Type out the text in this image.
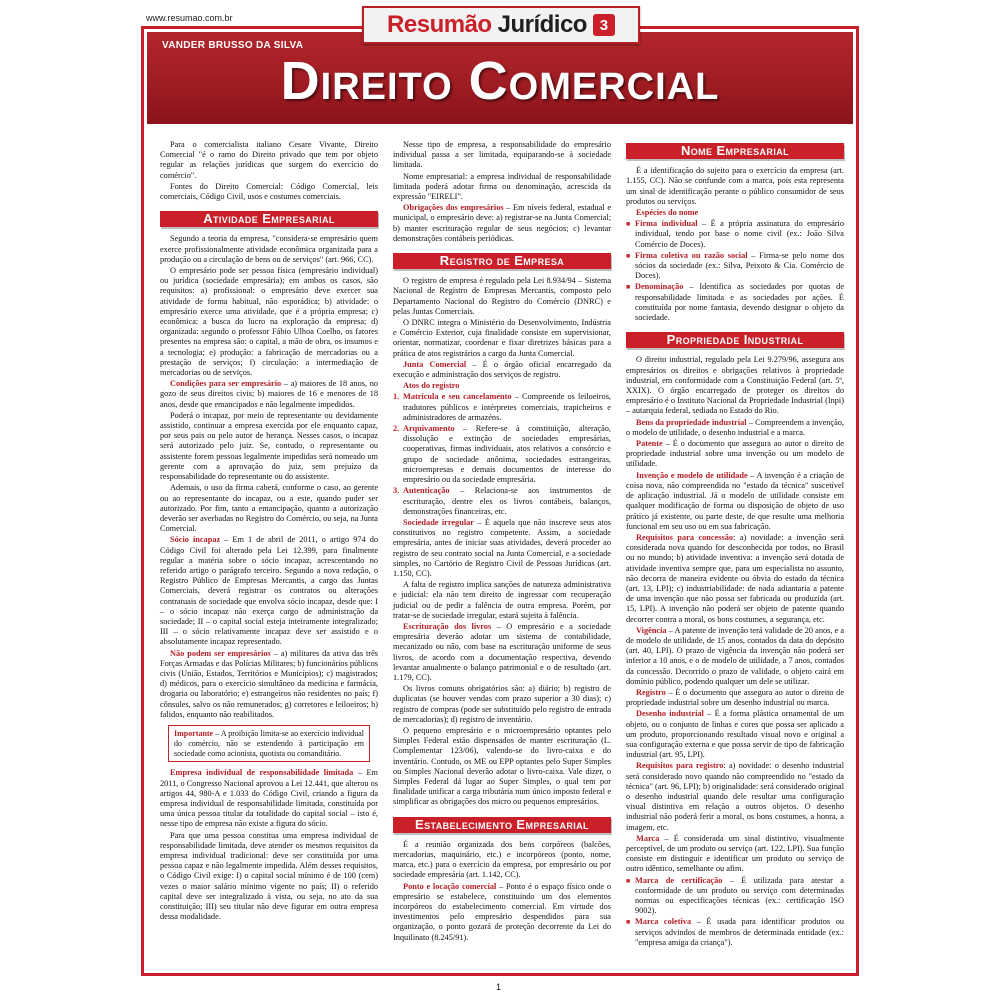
www.resumao.com.br	Resumão Jurídico 3
VANDER BRUSSO DA SILVA
Direito Comercial

Para o comercialista italiano Cesare Vivante, Direito Comercial "é o ramo do Direito privado que tem por objeto regular as relações jurídicas que surgem do exercício do comércio".

Fontes do Direito Comercial: Código Comercial, leis comerciais, Código Civil, usos e costumes comerciais.

Atividade Empresarial

Segundo a teoria da empresa, "considera-se empresário quem exerce profissionalmente atividade econômica organizada para a produção ou a circulação de bens ou de serviços" (art. 966, CC).

O empresário pode ser pessoa física (empresário individual) ou jurídica (sociedade empresária); em ambos os casos, são requisitos: a) profissional: o empresário deve exercer sua atividade de forma habitual, não esporádica; b) atividade: o empresário exerce uma atividade, que é a própria empresa; c) econômica: a busca do lucro na exploração da empresa; d) organizada: segundo o professor Fábio Ulhoa Coelho, os fatores presentes na empresa são: o capital, a mão de obra, os insumos e a tecnologia; e) produção: a fabricação de mercadorias ou a prestação de serviços; f) circulação: a intermediação de mercadorias ou de serviços.

Condições para ser empresário – a) maiores de 18 anos, no gozo de seus direitos civis; b) maiores de 16 e menores de 18 anos, desde que emancipados e não legalmente impedidos.

Poderá o incapaz, por meio de representante ou devidamente assistido, continuar a empresa exercida por ele enquanto capaz, por seus pais ou pelo autor de herança. Nesses casos, o incapaz será autorizado pelo juiz. Se, contudo, o representante ou assistente forem pessoas legalmente impedidas será nomeado um gerente com a aprovação do juiz, sem prejuízo da responsabilidade do representante ou do assistente.

Ademais, o uso da firma caberá, conforme o caso, ao gerente ou ao representante do incapaz, ou a este, quando puder ser autorizado. Por fim, tanto a emancipação, quanto a autorização deverão ser averbadas no Registro do Comércio, ou seja, na Junta Comercial.

Sócio incapaz – Em 1 de abril de 2011, o artigo 974 do Código Civil foi alterado pela Lei 12.399, para finalmente regular a matéria sobre o sócio incapaz, acrescentando no referido artigo o parágrafo terceiro. Segundo a nova redação, o Registro Público de Empresas Mercantis, a cargo das Juntas Comerciais, deverá registrar os contratos ou alterações contratuais de sociedade que envolva sócio incapaz, desde que: I – o sócio incapaz não exerça cargo de administração da sociedade; II – o capital social esteja inteiramente integralizado; III – o sócio relativamente incapaz deve ser assistido e o absolutamente incapaz representado.

Não podem ser empresários – a) militares da ativa das três Forças Armadas e das Polícias Militares; b) funcionários públicos civis (União, Estados, Territórios e Municípios); c) magistrados; d) médicos, para o exercício simultâneo da medicina e farmácia, drogaria ou laboratório; e) estrangeiros não residentes no país; f) cônsules, salvo os não remunerados; g) corretores e leiloeiros; h) falidos, enquanto não reabilitados.

Importante – A proibição limita-se ao exercício individual do comércio, não se estendendo à participação em sociedade como acionista, quotista ou comanditário.

Empresa individual de responsabilidade limitada – Em 2011, o Congresso Nacional aprovou a Lei 12.441, que alterou os artigos 44, 980-A e 1.033 do Código Civil, criando a figura da empresa individual de responsabilidade limitada, constituída por uma única pessoa titular da totalidade do capital social – isto é, nesse tipo de empresa não existe a figura do sócio.

Para que uma pessoa constitua uma empresa individual de responsabilidade limitada, deve atender os mesmos requisitos da empresa individual tradicional: deve ser constituída por uma pessoa capaz e não legalmente impedida. Além desses requisitos, o Código Civil exige: I) o capital social mínimo é de 100 (cem) vezes o maior salário mínimo vigente no país; II) o referido capital deve ser integralizado à vista, ou seja, no ato da sua constituição; III) seu titular não deve figurar em outra empresa dessa modalidade.

Nesse tipo de empresa, a responsabilidade do empresário individual passa a ser limitada, equiparando-se à sociedade limitada.

Nome empresarial: a empresa individual de responsabilidade limitada poderá adotar firma ou denominação, acrescida da expressão "EIRELI".

Obrigações dos empresários – Em níveis federal, estadual e municipal, o empresário deve: a) registrar-se na Junta Comercial; b) manter escrituração regular de seus negócios; c) levantar demonstrações contábeis periódicas.

Registro de Empresa

O registro de empresa é regulado pela Lei 8.934/94 – Sistema Nacional de Registro de Empresas Mercantis, composto pelo Departamento Nacional do Registro do Comércio (DNRC) e pelas Juntas Comerciais.

O DNRC integra o Ministério do Desenvolvimento, Indústria e Comércio Exterior, cuja finalidade consiste em supervisionar, orientar, normatizar, coordenar e fixar diretrizes básicas para a prática de atos registrários a cargo da Junta Comercial.

Junta Comercial – É o órgão oficial encarregado da execução e administração dos serviços de registro.

Atos do registro

1. Matrícula e seu cancelamento – Compreende os leiloeiros, tradutores públicos e intérpretes comerciais, trapicheiros e administradores de armazéns.
2. Arquivamento – Refere-se à constituição, alteração, dissolução e extinção de sociedades empresárias, cooperativas, firmas individuais, atos relativos a consórcio e grupo de sociedade anônima, sociedades estrangeiras, microempresas e demais documentos de interesse do empresário ou da sociedade empresária.
3. Autenticação – Relaciona-se aos instrumentos de escrituração, dentre eles os livros contábeis, balanços, demonstrações financeiras, etc.

Sociedade irregular – É aquela que não inscreve seus atos constitutivos no registro competente. Assim, a sociedade empresária, antes de iniciar suas atividades, deverá proceder ao registro de seu contrato social na Junta Comercial, e a sociedade simples, no Cartório de Registro Civil de Pessoas Jurídicas (art. 1.150, CC).

A falta de registro implica sanções de natureza administrativa e judicial: ela não tem direito de ingressar com recuperação judicial ou de pedir a falência de outra empresa. Porém, por tratar-se de sociedade irregular, estará sujeita à falência.

Escrituração dos livros – O empresário e a sociedade empresária deverão adotar um sistema de contabilidade, mecanizado ou não, com base na escrituração uniforme de seus livros, de acordo com a documentação respectiva, devendo levantar anualmente o balanço patrimonial e o de resultado (art. 1.179, CC).

Os livros comuns obrigatórios são: a) diário; b) registro de duplicatas (se houver vendas com prazo superior a 30 dias); c) registro de compras (pode ser substituído pelo registro de entrada de mercadorias); d) registro de inventário.

O pequeno empresário e o microempresário optantes pelo Simples Federal estão dispensados de manter escrituração (L. Complementar 123/06), valendo-se do livro-caixa e do inventário. Contudo, os ME ou EPP optantes pelo Super Simples ou Simples Nacional deverão adotar o livro-caixa. Vale dizer, o Simples Federal dá lugar ao Super Simples, o qual tem por finalidade unificar a carga tributária num único imposto federal e simplificar as obrigações dos micro ou pequenos empresários.

Estabelecimento Empresarial

É a reunião organizada dos bens corpóreos (balcões, mercadorias, maquinário, etc.) e incorpóreos (ponto, nome, marca, etc.) para o exercício da empresa, por empresário ou por sociedade empresária (art. 1.142, CC).

Ponto e locação comercial – Ponto é o espaço físico onde o empresário se estabelece, constituindo um dos elementos incorpóreos do estabelecimento comercial. Em virtude dos investimentos pelo empresário despendidos para sua organização, o ponto gozará de proteção decorrente da Lei do Inquilinato (8.245/91).

Nome Empresarial

É a identificação do sujeito para o exercício da empresa (art. 1.155, CC). Não se confunde com a marca, pois esta representa um sinal de identificação perante o público consumidor de seus produtos ou serviços.

Espécies do nome

■ Firma individual – É a própria assinatura do empresário individual, tendo por base o nome civil (ex.: João Silva Comércio de Doces).
■ Firma coletiva ou razão social – Firma-se pelo nome dos sócios da sociedade (ex.: Silva, Peixoto & Cia. Comércio de Doces).
■ Denominação – Identifica as sociedades por quotas de responsabilidade limitada e as sociedades por ações. É constituída por nome fantasia, devendo designar o objeto da sociedade.
Propriedade Industrial

O direito industrial, regulado pela Lei 9.279/96, assegura aos empresários os direitos e obrigações relativos à propriedade industrial, em conformidade com a Constituição Federal (art. 5º, XXIX). O órgão encarregado de proteger os direitos do empresário é o Instituto Nacional da Propriedade Industrial (Inpi) – autarquia federal, sediada no Estado do Rio.

Bens da propriedade industrial – Compreendem a invenção, o modelo de utilidade, o desenho industrial e a marca.

Patente – É o documento que assegura ao autor o direito de propriedade industrial sobre uma invenção ou um modelo de utilidade.

Invenção e modelo de utilidade – A invenção é a criação de coisa nova, não compreendida no "estado da técnica" suscetível de aplicação industrial. Já o modelo de utilidade consiste em qualquer modificação de forma ou disposição de objeto de uso prático já existente, ou parte deste, de que resulte uma melhoria funcional em seu uso ou em sua fabricação.

Requisitos para concessão: a) novidade: a invenção será considerada nova quando for desconhecida por todos, no Brasil ou no mundo; b) atividade inventiva: a invenção será dotada de atividade inventiva sempre que, para um especialista no assunto, não decorra de maneira evidente ou óbvia do estado da técnica (art. 13, LPI); c) industriabilidade: de nada adiantaria a patente de uma invenção que não possa ser fabricada ou produzida (art. 15, LPI). A invenção não poderá ser objeto de patente quando decorrer contra a moral, os bons costumes, a segurança, etc.

Vigência – A patente de invenção terá validade de 20 anos, e a de modelo de utilidade, de 15 anos, contados da data do depósito (art. 40, LPI). O prazo de vigência da invenção não poderá ser inferior a 10 anos, e o de modelo de utilidade, a 7 anos, contados da concessão. Decorrido o prazo de validade, o objeto cairá em domínio público, podendo qualquer um dele se utilizar.

Registro – É o documento que assegura ao autor o direito de propriedade industrial sobre um desenho industrial ou marca.

Desenho industrial – É a forma plástica ornamental de um objeto, ou o conjunto de linhas e cores que possa ser aplicado a um produto, proporcionando resultado visual novo e original a sua configuração externa e que possa servir de tipo de fabricação industrial (art. 95, LPI).

Requisitos para registro: a) novidade: o desenho industrial será considerado novo quando não compreendido no "estado da técnica" (art. 96, LPI); b) originalidade: será considerado original o desenho industrial quando dele resultar uma configuração visual distintiva em relação a outros objetos. O desenho industrial não poderá ferir a moral, os bons costumes, a honra, a imagem, etc.

Marca – É considerada um sinal distintivo, visualmente perceptível, de um produto ou serviço (art. 122, LPI). Sua função consiste em distinguir e identificar um produto ou serviço de outro idêntico, semelhante ou afim.

■ Marca de certificação – É utilizada para atestar a conformidade de um produto ou serviço com determinadas normas ou especificações técnicas (ex.: certificação ISO 9002).
■ Marca coletiva – É usada para identificar produtos ou serviços advindos de membros de determinada entidade (ex.: "empresa amiga da criança").
1
